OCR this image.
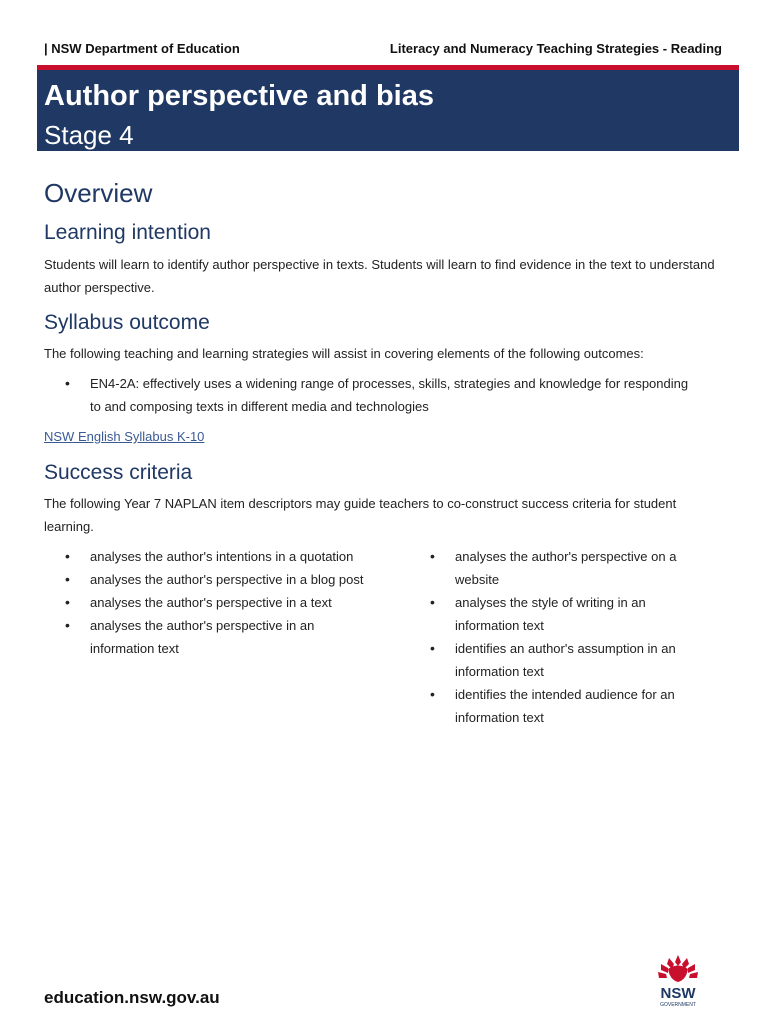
| NSW Department of Education	Literacy and Numeracy Teaching Strategies - Reading
Author perspective and bias
Stage 4
Overview
Learning intention
Students will learn to identify author perspective in texts. Students will learn to find evidence in the text to understand author perspective.
Syllabus outcome
The following teaching and learning strategies will assist in covering elements of the following outcomes:
• EN4-2A: effectively uses a widening range of processes, skills, strategies and knowledge for responding to and composing texts in different media and technologies
NSW English Syllabus K-10
Success criteria
The following Year 7 NAPLAN item descriptors may guide teachers to co-construct success criteria for student learning.
• analyses the author's intentions in a quotation
• analyses the author's perspective in a blog post
• analyses the author's perspective in a text
• analyses the author's perspective in an information text
• analyses the author's perspective on a website
• analyses the style of writing in an information text
• identifies an author's assumption in an information text
• identifies the intended audience for an information text
education.nsw.gov.au	NSW
GOVERNMENT
